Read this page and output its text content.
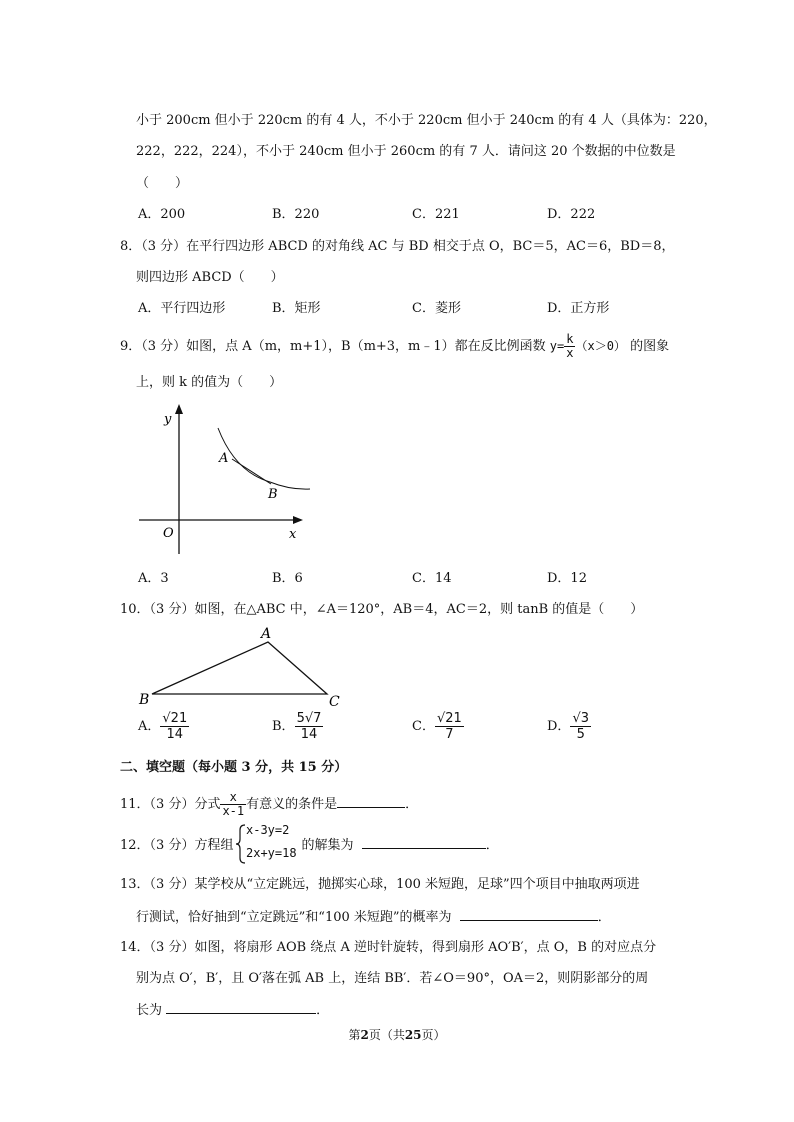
小于 200cm 但小于 220cm 的有 4 人，不小于 220cm 但小于 240cm 的有 4 人（具体为：220，
222，222，224），不小于 240cm 但小于 260cm 的有 7 人．请问这 20 个数据的中位数是
（　　）
A．200	B．220	C．221	D．222
8．（3 分）在平行四边形 ABCD 的对角线 AC 与 BD 相交于点 O，BC＝5，AC＝6，BD＝8，
则四边形 ABCD（　　）
A．平行四边形	B．矩形	C．菱形	D．正方形
9．（3 分）如图，点 A（m，m+1），B（m+3，m﹣1）都在反比例函数 $y= \frac{k}{x} (x>0)$ 的图象
上，则 k 的值为（　　）
y
x
O
A
B
A．3	B．6	C．14	D．12
10．（3 分）如图，在△ABC 中，∠A＝120°，AB＝4，AC＝2，则 tanB 的值是（　　）
A
B	C
A． $\frac{√21}{14}$	B． $\frac{5√7}{14}$	C． $\frac{√21}{7}$	D． $\frac{√3}{5}$
二、填空题（每小题 3 分，共 15 分）
11．（3 分）分式 $\frac{x}{x-1}$ 有意义的条件是	．
12．（3 分）方程组	的解集为	．
x-3y=2
2x+y=18
13．（3 分）某学校从“立定跳远，抛掷实心球，100 米短跑，足球”四个项目中抽取两项进
行测试，恰好抽到“立定跳远”和“100 米短跑”的概率为	．
14．（3 分）如图，将扇形 AOB 绕点 A 逆时针旋转，得到扇形 AO′B′，点 O，B 的对应点分
别为点 O′，B′，且 O′落在弧 AB 上，连结 BB′．若∠O＝90°，OA＝2，则阴影部分的周
长为	．
第2页（共25页）
